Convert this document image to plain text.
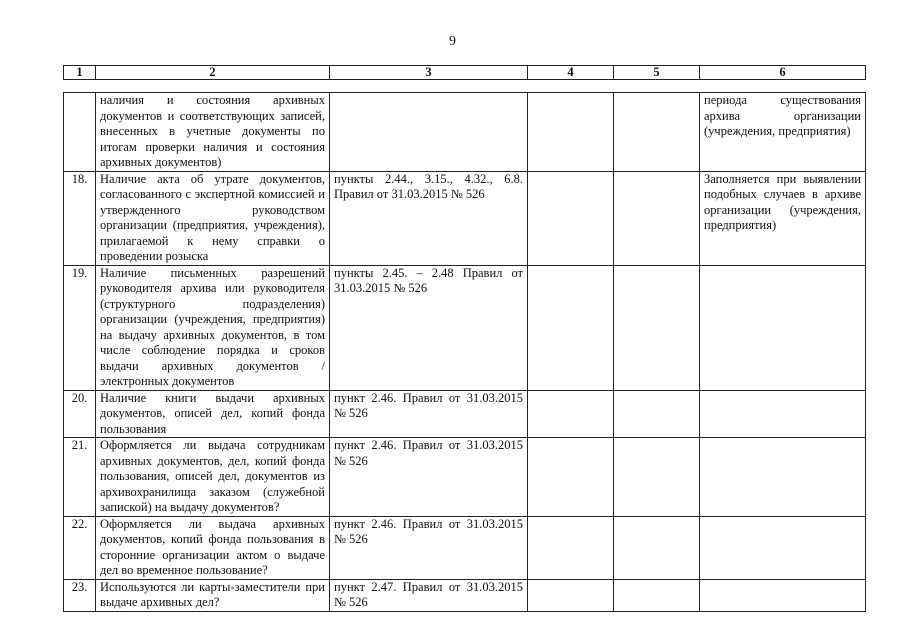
9
1	2	3	4	5	6
	наличия и состояния архивных документов и соответствующих записей, внесенных в учетные документы по итогам проверки наличия и состояния архивных документов)				периода существования архива организации (учреждения, предприятия)
18.	Наличие акта об утрате документов, согласованного с экспертной комиссией и утвержденного руководством организации (предприятия, учреждения), прилагаемой к нему справки о проведении розыска	пункты 2.44., 3.15., 4.32., 6.8. Правил от 31.03.2015 № 526			Заполняется при выявлении подобных случаев в архиве организации (учреждения, предприятия)
19.	Наличие письменных разрешений руководителя архива или руководителя (структурного подразделения) организации (учреждения, предприятия) на выдачу архивных документов, в том числе соблюдение порядка и сроков выдачи архивных документов / электронных документов	пункты 2.45. – 2.48 Правил от 31.03.2015 № 526			
20.	Наличие книги выдачи архивных документов, описей дел, копий фонда пользования	пункт 2.46. Правил от 31.03.2015 № 526			
21.	Оформляется ли выдача сотрудникам архивных документов, дел, копий фонда пользования, описей дел, документов из архивохранилища заказом (служебной запиской) на выдачу документов?	пункт 2.46. Правил от 31.03.2015 № 526			
22.	Оформляется ли выдача архивных документов, копий фонда пользования в сторонние организации актом о выдаче дел во временное пользование?	пункт 2.46. Правил от 31.03.2015 № 526			
23.	Используются ли карты-заместители при выдаче архивных дел?	пункт 2.47. Правил от 31.03.2015 № 526			
